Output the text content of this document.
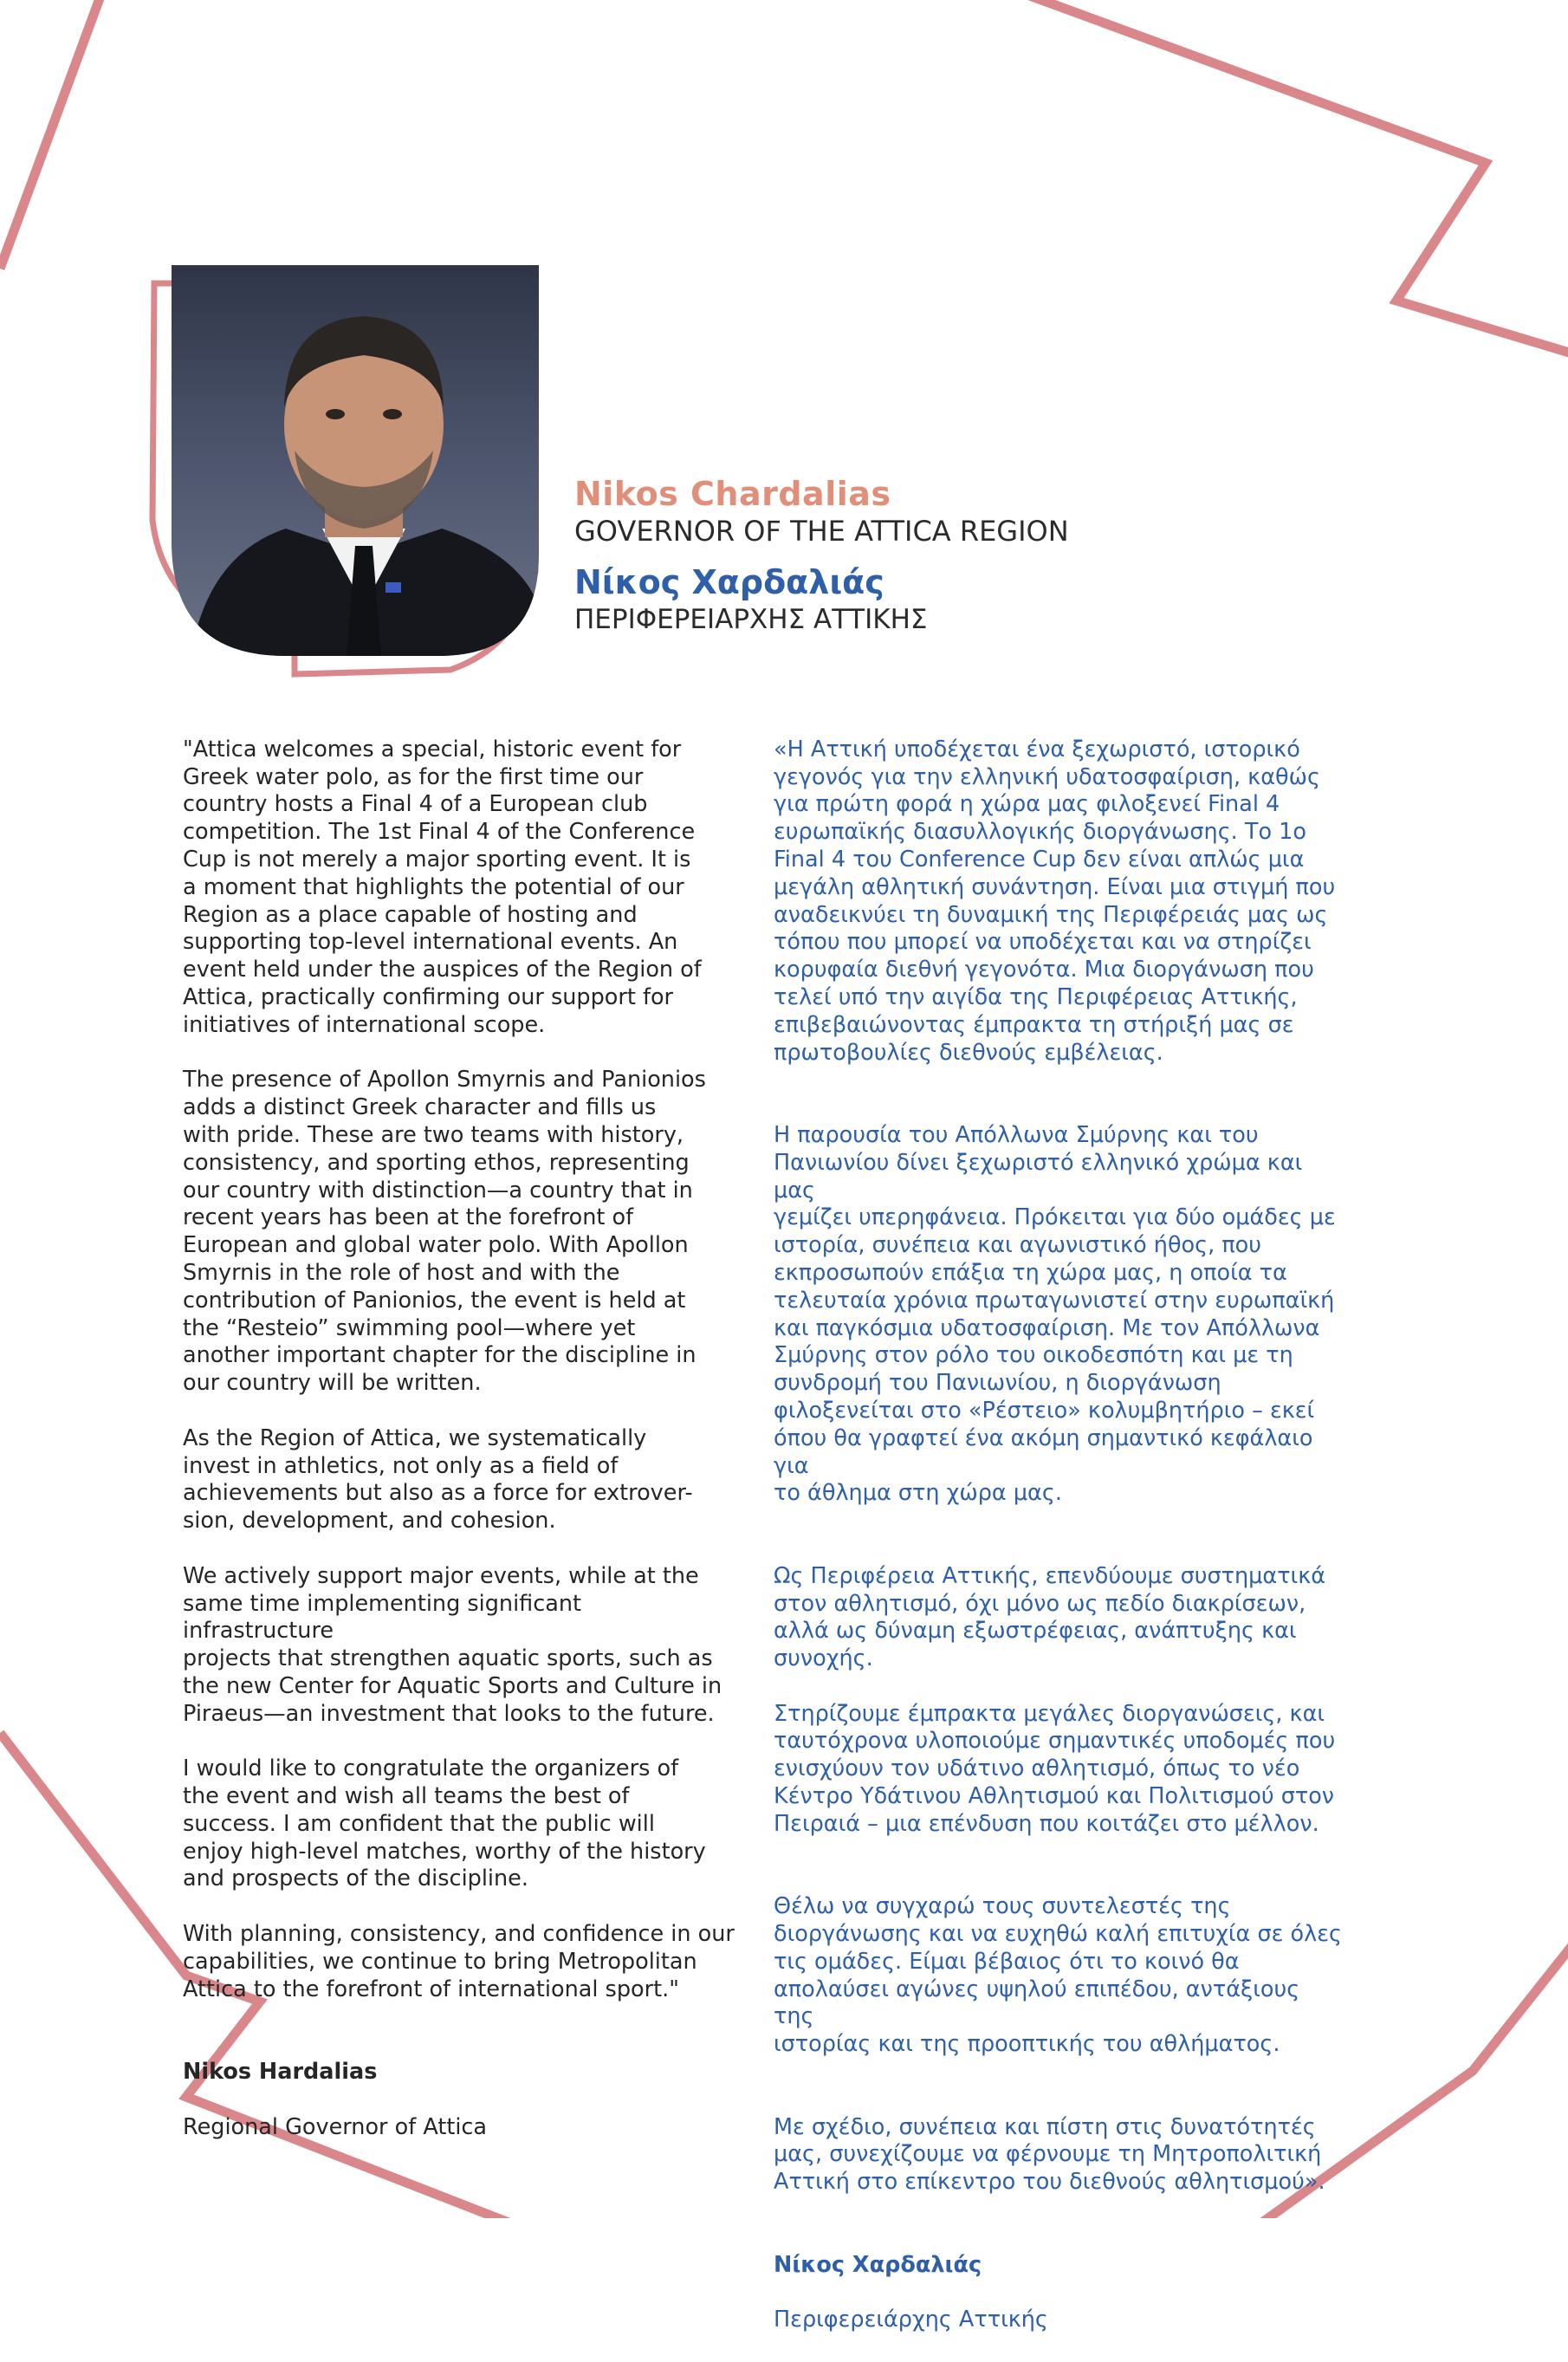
Nikos Chardalias
GOVERNOR OF THE ATTICA REGION
Νίκος Χαρδαλιάς
ΠΕΡΙΦΕΡΕΙΑΡΧΗΣ ΑΤΤΙΚΗΣ

"Attica welcomes a special, historic event for
Greek water polo, as for the first time our
country hosts a Final 4 of a European club
competition. The 1st Final 4 of the Conference
Cup is not merely a major sporting event. It is
a moment that highlights the potential of our
Region as a place capable of hosting and
supporting top-level international events. An
event held under the auspices of the Region of
Attica, practically confirming our support for
initiatives of international scope.

The presence of Apollon Smyrnis and Panionios
adds a distinct Greek character and fills us
with pride. These are two teams with history,
consistency, and sporting ethos, representing
our country with distinction—a country that in
recent years has been at the forefront of
European and global water polo. With Apollon
Smyrnis in the role of host and with the
contribution of Panionios, the event is held at
the “Resteio” swimming pool—where yet
another important chapter for the discipline in
our country will be written.

As the Region of Attica, we systematically
invest in athletics, not only as a field of
achievements but also as a force for extrover-
sion, development, and cohesion.

We actively support major events, while at the
same time implementing significant infrastructure
projects that strengthen aquatic sports, such as
the new Center for Aquatic Sports and Culture in
Piraeus—an investment that looks to the future.

I would like to congratulate the organizers of
the event and wish all teams the best of
success. I am confident that the public will
enjoy high-level matches, worthy of the history
and prospects of the discipline.

With planning, consistency, and confidence in our
capabilities, we continue to bring Metropolitan
Attica to the forefront of international sport."

Nikos Hardalias

Regional Governor of Attica

«Η Αττική υποδέχεται ένα ξεχωριστό, ιστορικό
γεγονός για την ελληνική υδατοσφαίριση, καθώς
για πρώτη φορά η χώρα μας φιλοξενεί Final 4
ευρωπαϊκής διασυλλογικής διοργάνωσης. Το 1ο
Final 4 του Conference Cup δεν είναι απλώς μια
μεγάλη αθλητική συνάντηση. Είναι μια στιγμή που
αναδεικνύει τη δυναμική της Περιφέρειάς μας ως
τόπου που μπορεί να υποδέχεται και να στηρίζει
κορυφαία διεθνή γεγονότα. Μια διοργάνωση που
τελεί υπό την αιγίδα της Περιφέρειας Αττικής,
επιβεβαιώνοντας έμπρακτα τη στήριξή μας σε
πρωτοβουλίες διεθνούς εμβέλειας.

Η παρουσία του Απόλλωνα Σμύρνης και του
Πανιωνίου δίνει ξεχωριστό ελληνικό χρώμα και μας
γεμίζει υπερηφάνεια. Πρόκειται για δύο ομάδες με
ιστορία, συνέπεια και αγωνιστικό ήθος, που
εκπροσωπούν επάξια τη χώρα μας, η οποία τα
τελευταία χρόνια πρωταγωνιστεί στην ευρωπαϊκή
και παγκόσμια υδατοσφαίριση. Με τον Απόλλωνα
Σμύρνης στον ρόλο του οικοδεσπότη και με τη
συνδρομή του Πανιωνίου, η διοργάνωση
φιλοξενείται στο «Ρέστειο» κολυμβητήριο – εκεί
όπου θα γραφτεί ένα ακόμη σημαντικό κεφάλαιο για
το άθλημα στη χώρα μας.

Ως Περιφέρεια Αττικής, επενδύουμε συστηματικά
στον αθλητισμό, όχι μόνο ως πεδίο διακρίσεων,
αλλά ως δύναμη εξωστρέφειας, ανάπτυξης και
συνοχής.

Στηρίζουμε έμπρακτα μεγάλες διοργανώσεις, και
ταυτόχρονα υλοποιούμε σημαντικές υποδομές που
ενισχύουν τον υδάτινο αθλητισμό, όπως το νέο
Κέντρο Υδάτινου Αθλητισμού και Πολιτισμού στον
Πειραιά – μια επένδυση που κοιτάζει στο μέλλον.

Θέλω να συγχαρώ τους συντελεστές της
διοργάνωσης και να ευχηθώ καλή επιτυχία σε όλες
τις ομάδες. Είμαι βέβαιος ότι το κοινό θα
απολαύσει αγώνες υψηλού επιπέδου, αντάξιους της
ιστορίας και της προοπτικής του αθλήματος.

Με σχέδιο, συνέπεια και πίστη στις δυνατότητές
μας, συνεχίζουμε να φέρνουμε τη Μητροπολιτική
Αττική στο επίκεντρο του διεθνούς αθλητισμού».

Νίκος Χαρδαλιάς

Περιφερειάρχης Αττικής
